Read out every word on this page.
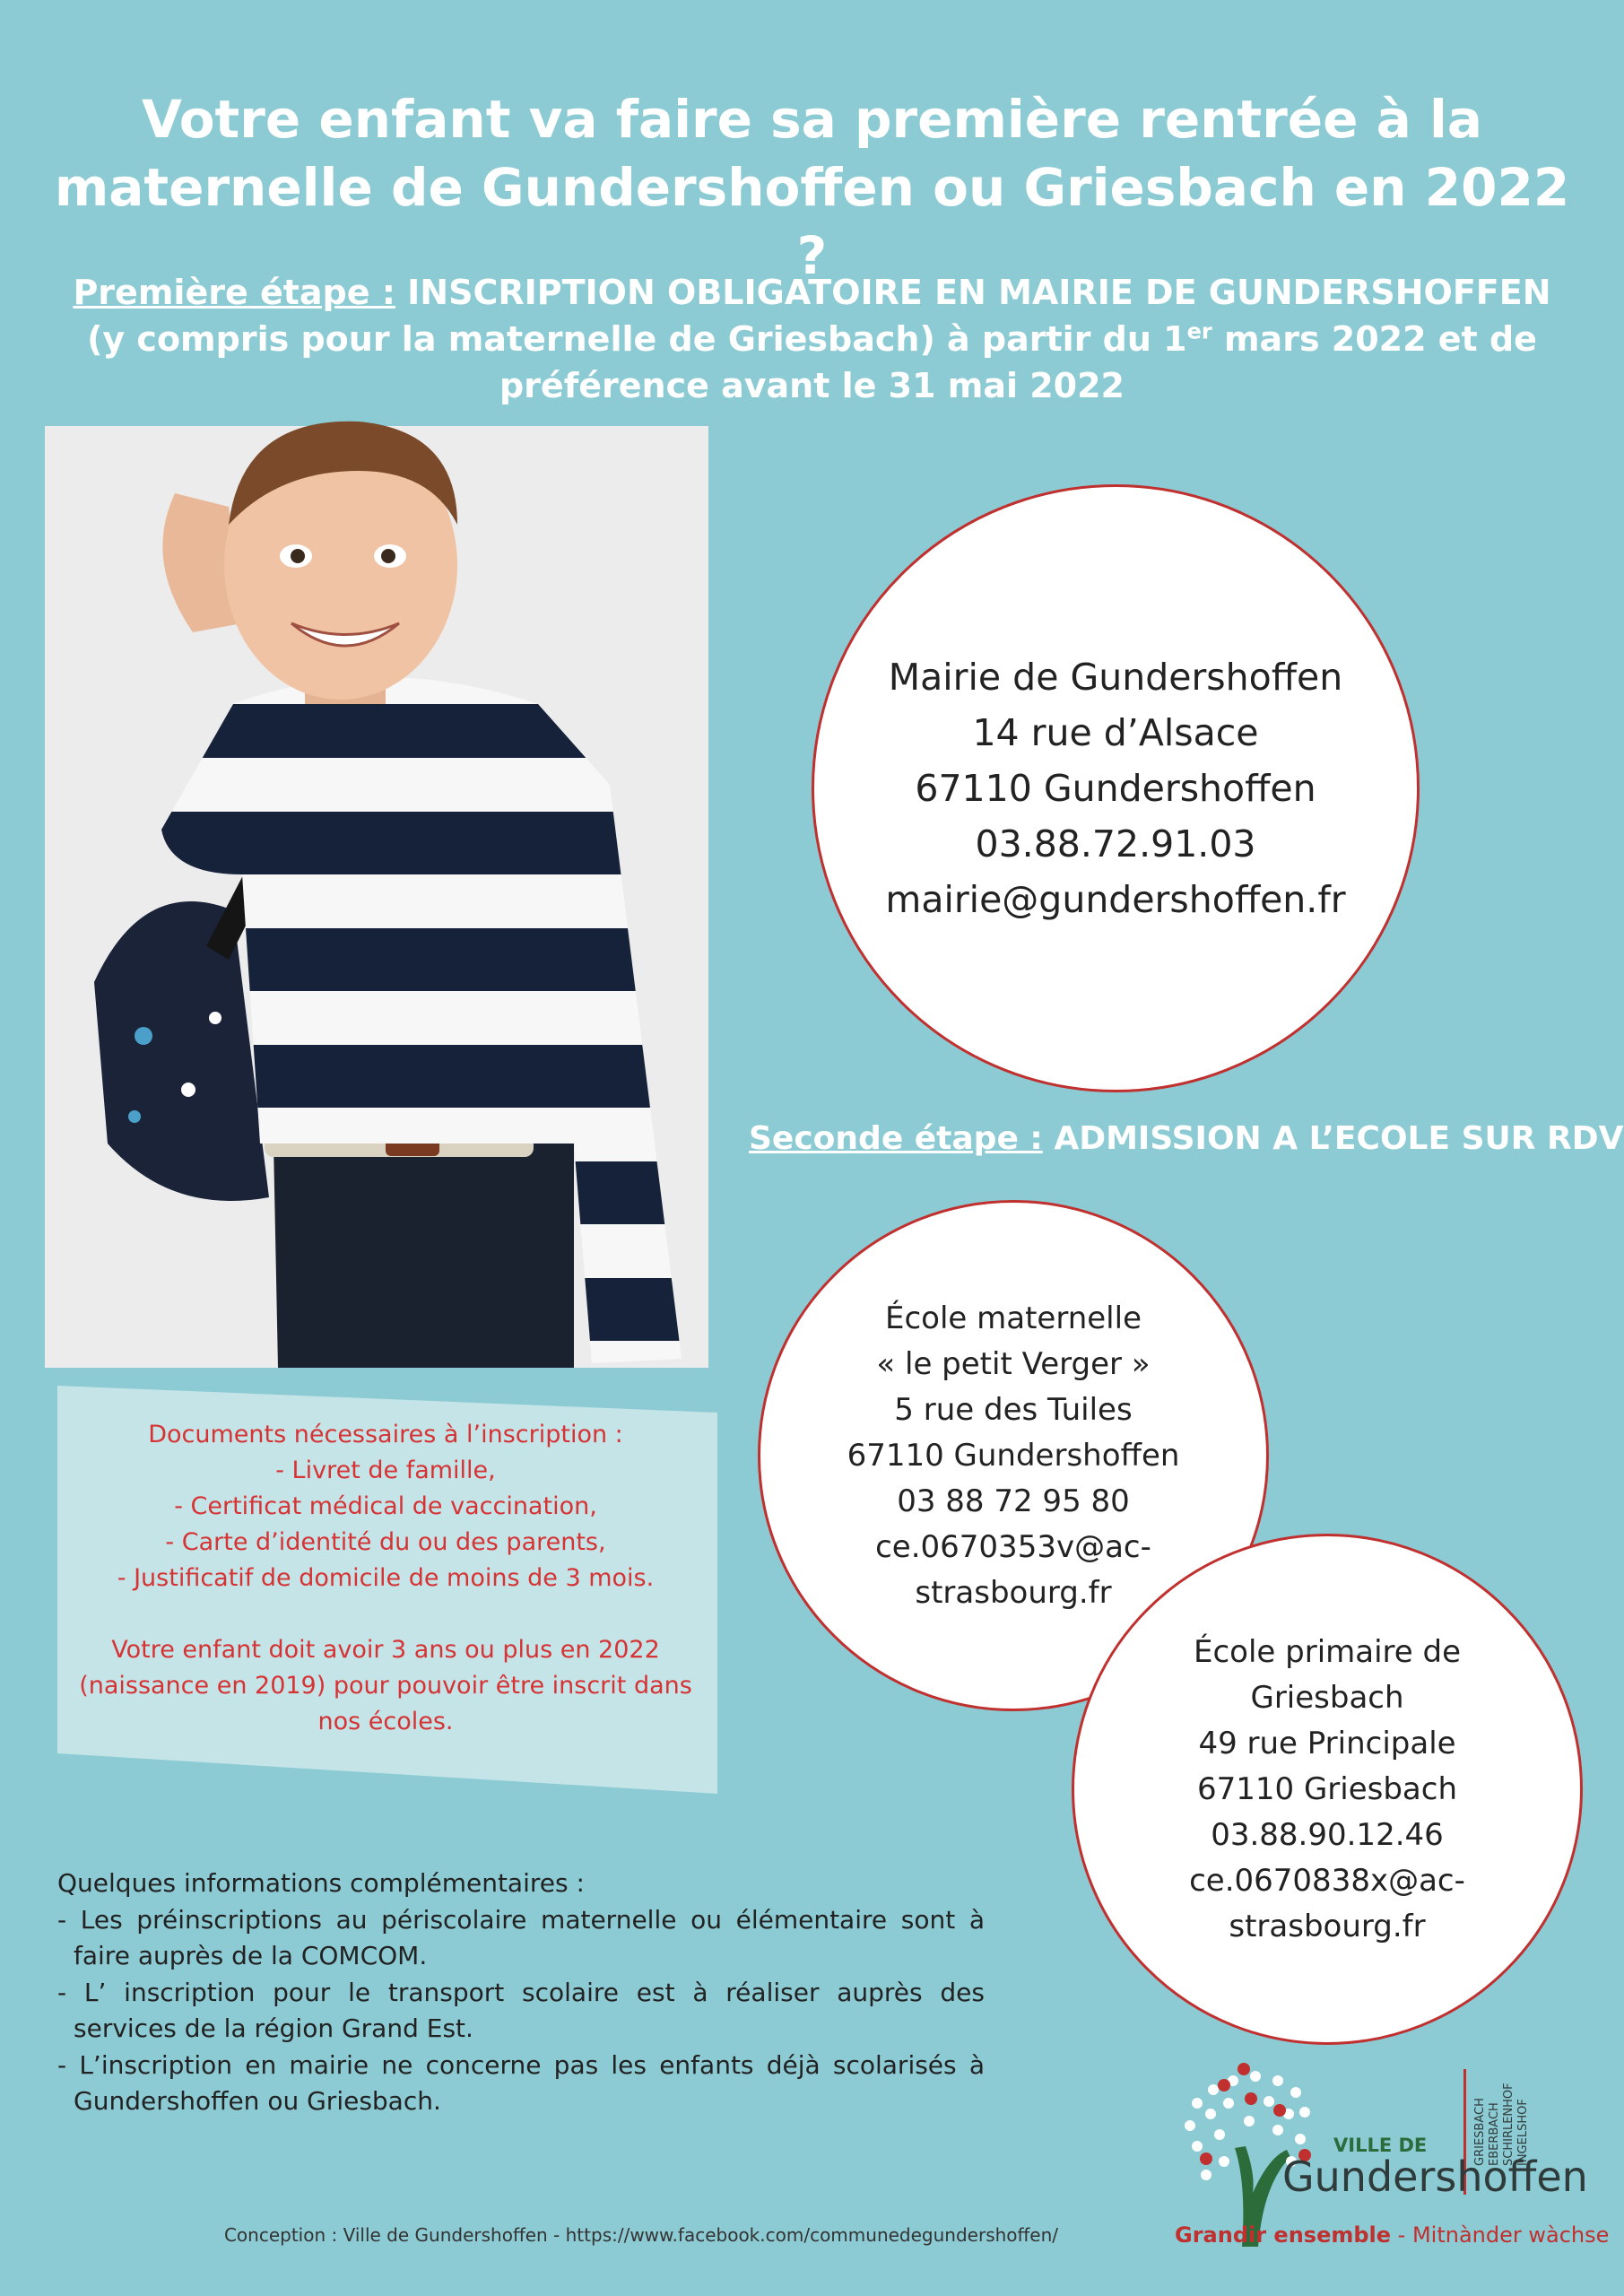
Votre enfant va faire sa première rentrée à la
maternelle de Gundershoffen ou Griesbach en 2022 ?
Première étape : INSCRIPTION OBLIGATOIRE EN MAIRIE DE GUNDERSHOFFEN
(y compris pour la maternelle de Griesbach) à partir du 1er mars 2022 et de
préférence avant le 31 mai 2022
Mairie de Gundershoffen
14 rue d’Alsace
67110 Gundershoffen
03.88.72.91.03
mairie@gundershoffen.fr
Seconde étape : ADMISSION A L’ECOLE SUR RDV
École maternelle
« le petit Verger »
5 rue des Tuiles
67110 Gundershoffen
03 88 72 95 80
ce.0670353v@ac-
strasbourg.fr
École primaire de
Griesbach
49 rue Principale
67110 Griesbach
03.88.90.12.46
ce.0670838x@ac-
strasbourg.fr
Documents nécessaires à l’inscription :
- Livret de famille,
- Certificat médical de vaccination,
- Carte d’identité du ou des parents,
- Justificatif de domicile de moins de 3 mois.
Votre enfant doit avoir 3 ans ou plus en 2022
(naissance en 2019) pour pouvoir être inscrit dans
nos écoles.
Quelques informations complémentaires :
- Les préinscriptions au périscolaire maternelle ou élémentaire sont à faire auprès de la COMCOM.
- L’ inscription pour le transport scolaire est à réaliser auprès des services de la région Grand Est.
- L’inscription en mairie ne concerne pas les enfants déjà scolarisés à Gundershoffen ou Griesbach.
Conception : Ville de Gundershoffen - https://www.facebook.com/communedegundershoffen/
VILLE DE
Gundershoffen
GRIESBACH EBERBACH SCHIRLENHOF INGELSHOF
Grandir ensemble - Mitnànder wàchse
